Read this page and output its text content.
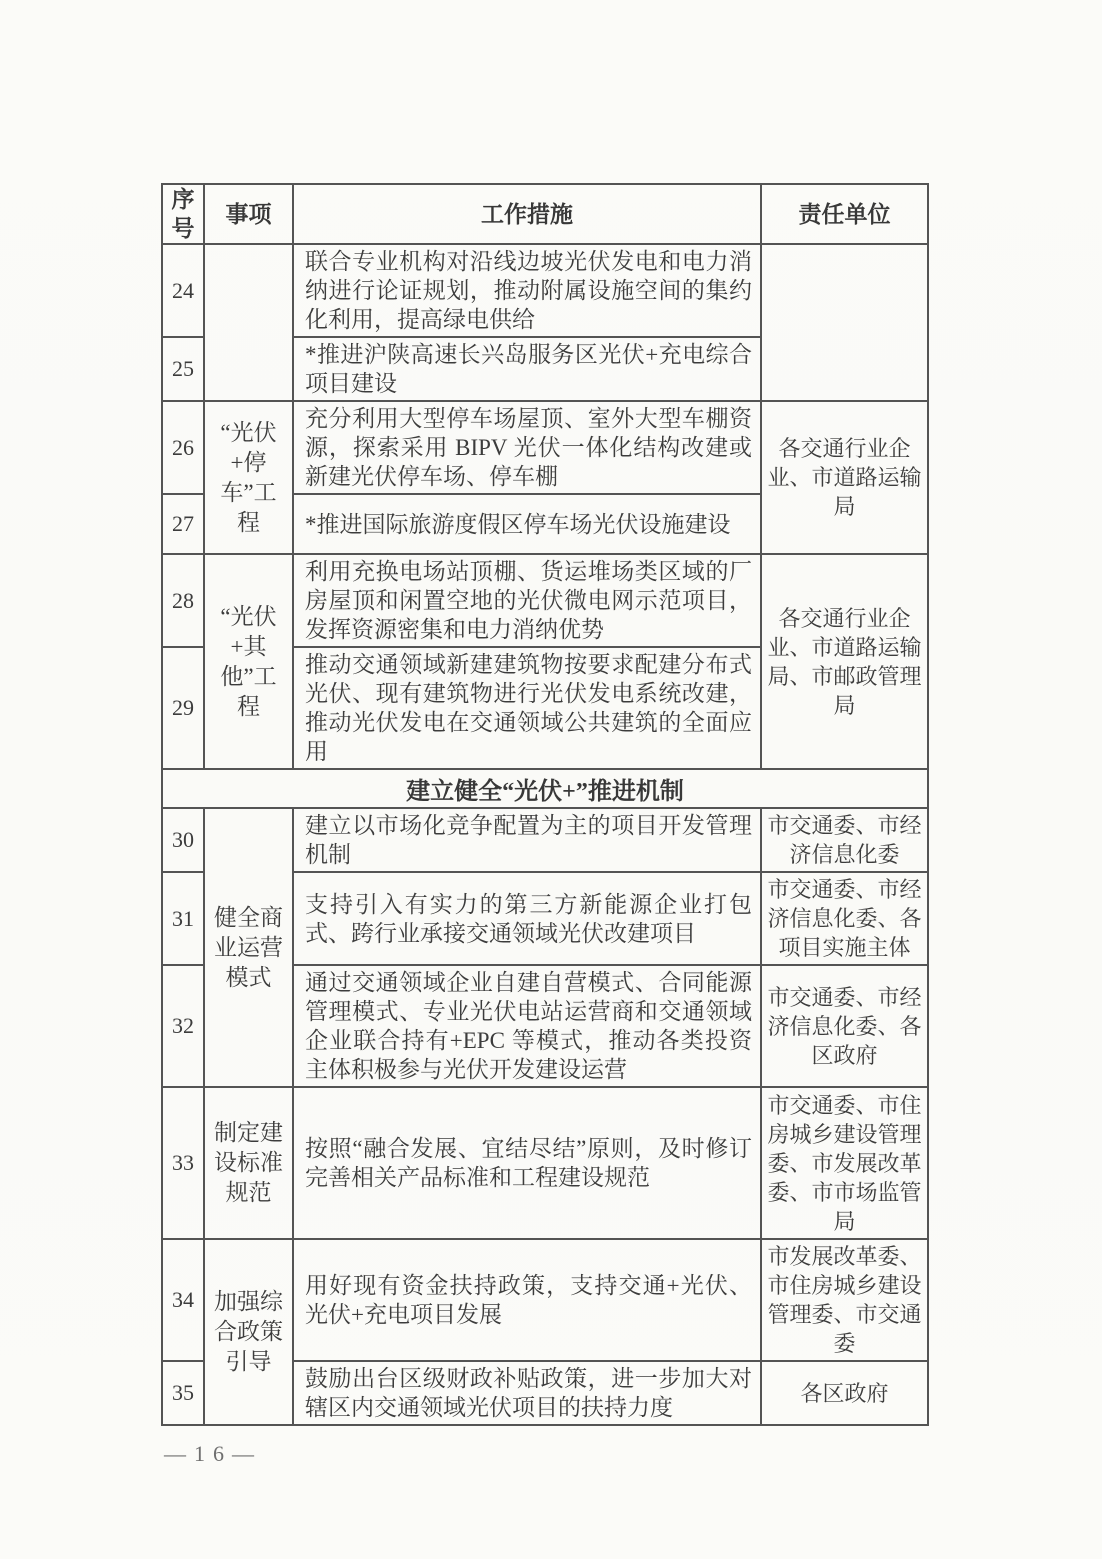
序号	事项	工作措施	责任单位
24		联合专业机构对沿线边坡光伏发电和电力消纳进行论证规划，推动附属设施空间的集约化利用，提高绿电供给	
25		*推进沪陕高速长兴岛服务区光伏+充电综合项目建设	
26	“光伏+停车”工程	充分利用大型停车场屋顶、室外大型车棚资源，探索采用 BIPV 光伏一体化结构改建或新建光伏停车场、停车棚	各交通行业企业、市道路运输局
27		*推进国际旅游度假区停车场光伏设施建设	
28	“光伏+其他”工程	利用充换电场站顶棚、货运堆场类区域的厂房屋顶和闲置空地的光伏微电网示范项目，发挥资源密集和电力消纳优势	各交通行业企业、市道路运输局、市邮政管理局
29		推动交通领域新建建筑物按要求配建分布式光伏、现有建筑物进行光伏发电系统改建，推动光伏发电在交通领域公共建筑的全面应用	
建立健全“光伏+”推进机制			
30	健全商业运营模式	建立以市场化竞争配置为主的项目开发管理机制	市交通委、市经济信息化委
31		支持引入有实力的第三方新能源企业打包式、跨行业承接交通领域光伏改建项目	市交通委、市经济信息化委、各项目实施主体
32		通过交通领域企业自建自营模式、合同能源管理模式、专业光伏电站运营商和交通领域企业联合持有+EPC 等模式，推动各类投资主体积极参与光伏开发建设运营	市交通委、市经济信息化委、各区政府
33	制定建设标准规范	按照“融合发展、宜结尽结”原则，及时修订完善相关产品标准和工程建设规范	市交通委、市住房城乡建设管理委、市发展改革委、市市场监管局
34	加强综合政策引导	用好现有资金扶持政策，支持交通+光伏、光伏+充电项目发展	市发展改革委、市住房城乡建设管理委、市交通委
35		鼓励出台区级财政补贴政策，进一步加大对辖区内交通领域光伏项目的扶持力度	各区政府
—16—
